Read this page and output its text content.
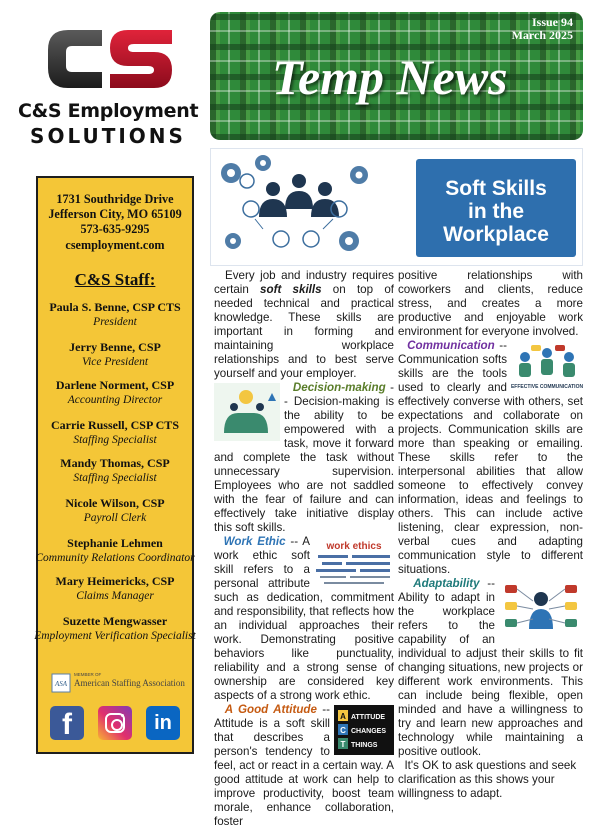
C&S Employment
SOLUTIONS
Issue 94
March 2025
Temp News
Soft Skills
in the
Workplace
1731 Southridge Drive
Jefferson City, MO 65109
573-635-9295
csemployment.com
C&S Staff:
Paula S. Benne, CSP CTS
President
Jerry Benne, CSP
Vice President
Darlene Norment, CSP
Accounting Director
Carrie Russell, CSP CTS
Staffing Specialist
Mandy Thomas, CSP
Staffing Specialist
Nicole Wilson, CSP
Payroll Clerk
Stephanie Lehmen
Community Relations Coordinator
Mary Heimericks, CSP
Claims Manager
Suzette Mengwasser
Employment Verification Specialist
ASA
MEMBER OF
American Staffing Association
f	in

Every job and industry requires certain soft skills on top of needed technical and practical knowledge. These skills are important in forming and maintaining workplace relationships and to best serve yourself and your employer.

Decision-making
-- Decision-making is the ability to be empowered with a task, move it forward and complete the task without unnecessary supervision. Employees who are not saddled with the fear of failure and can effectively take initiative display this soft skills.

Work Ethic	work ethics
-- A work ethic soft skill refers to a personal attribute such as dedication, commitment and responsibility, that reflects how an individual approaches their work. Demonstrating positive behaviors like punctuality, reliability and a strong sense of ownership are considered key aspects of a strong work ethic.

A Good Attitude
A
C
T
ATTITUDE
CHANGES
THINGS
-- Attitude is a soft skill that describes a person's tendency to feel, act or react in a certain way. A good attitude at work can help to improve productivity, boost team morale, enhance collaboration, foster

positive relationships with coworkers and clients, reduce stress, and creates a more productive and enjoyable work environment for everyone involved.

Communication
EFFECTIVE COMMUNICATION
-- Communication softs skills are the tools used to clearly and effectively converse with others, set expectations and collaborate on projects. Communication skills are more than speaking or emailing. These skills refer to the interpersonal abilities that allow someone to effectively convey information, ideas and feelings to others. This can include active listening, clear expression, non-verbal cues and adapting communication style to different situations.

Adaptability
-- Ability to adapt in the workplace refers to the capability of an individual to adjust their skills to fit changing situations, new projects or different work environments. This can include being flexible, open minded and have a willingness to try and learn new approaches and technology while maintaining a positive outlook.

It's OK to ask questions and seek clarification as this shows your willingness to adapt.
